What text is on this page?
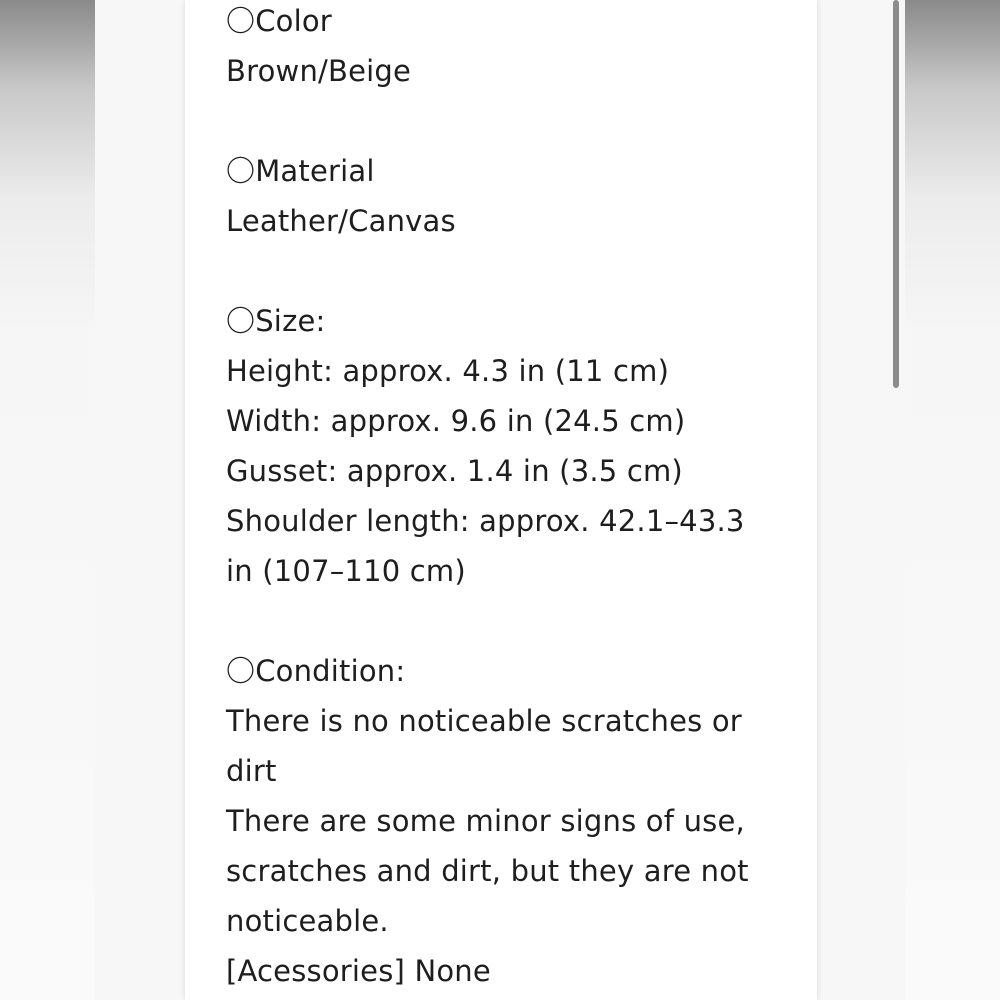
〇Color

Brown/Beige

〇Material

Leather/Canvas

〇Size:

Height: approx. 4.3 in (11 cm)

Width: approx. 9.6 in (24.5 cm)

Gusset: approx. 1.4 in (3.5 cm)

Shoulder length: approx. 42.1–43.3

in (107–110 cm)

〇Condition:

There is no noticeable scratches or

dirt

There are some minor signs of use,

scratches and dirt, but they are not

noticeable.

[Acessories] None
